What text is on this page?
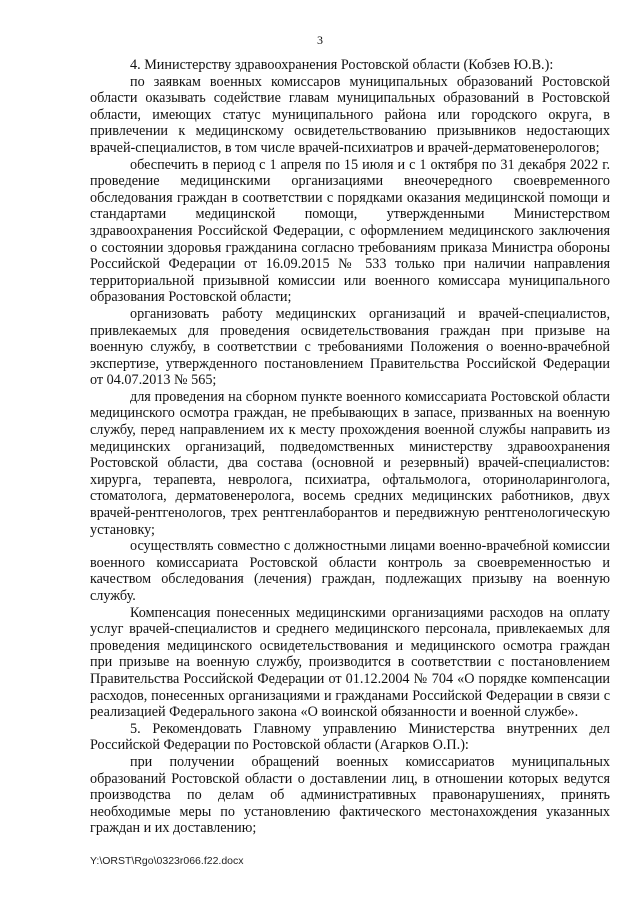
3

4. Министерству здравоохранения Ростовской области (Кобзев Ю.В.):

по заявкам военных комиссаров муниципальных образований Ростовской области оказывать содействие главам муниципальных образований в Ростовской области, имеющих статус муниципального района или городского округа, в привлечении к медицинскому освидетельствованию призывников недостающих врачей-специалистов, в том числе врачей-психиатров и врачей-дерматовенерологов;

обеспечить в период с 1 апреля по 15 июля и с 1 октября по 31 декабря 2022 г. проведение медицинскими организациями внеочередного своевременного обследования граждан в соответствии с порядками оказания медицинской помощи и стандартами медицинской помощи, утвержденными Министерством здравоохранения Российской Федерации, с оформлением медицинского заключения о состоянии здоровья гражданина согласно требованиям приказа Министра обороны Российской Федерации от 16.09.2015 № 533 только при наличии направления территориальной призывной комиссии или военного комиссара муниципального образования Ростовской области;

организовать работу медицинских организаций и врачей-специалистов, привлекаемых для проведения освидетельствования граждан при призыве на военную службу, в соответствии с требованиями Положения о военно-врачебной экспертизе, утвержденного постановлением Правительства Российской Федерации от 04.07.2013 № 565;

для проведения на сборном пункте военного комиссариата Ростовской области медицинского осмотра граждан, не пребывающих в запасе, призванных на военную службу, перед направлением их к месту прохождения военной службы направить из медицинских организаций, подведомственных министерству здравоохранения Ростовской области, два состава (основной и резервный) врачей-специалистов: хирурга, терапевта, невролога, психиатра, офтальмолога, оториноларинголога, стоматолога, дерматовенеролога, восемь средних медицинских работников, двух врачей-рентгенологов, трех рентгенлаборантов и передвижную рентгенологическую установку;

осуществлять совместно с должностными лицами военно-врачебной комиссии военного комиссариата Ростовской области контроль за своевременностью и качеством обследования (лечения) граждан, подлежащих призыву на военную службу.

Компенсация понесенных медицинскими организациями расходов на оплату услуг врачей-специалистов и среднего медицинского персонала, привлекаемых для проведения медицинского освидетельствования и медицинского осмотра граждан при призыве на военную службу, производится в соответствии с постановлением Правительства Российской Федерации от 01.12.2004 № 704 «О порядке компенсации расходов, понесенных организациями и гражданами Российской Федерации в связи с реализацией Федерального закона «О воинской обязанности и военной службе».

5. Рекомендовать Главному управлению Министерства внутренних дел Российской Федерации по Ростовской области (Агарков О.П.):

при получении обращений военных комиссариатов муниципальных образований Ростовской области о доставлении лиц, в отношении которых ведутся производства по делам об административных правонарушениях, принять необходимые меры по установлению фактического местонахождения указанных граждан и их доставлению;

Y:\ORST\Rgo\0323r066.f22.docx
